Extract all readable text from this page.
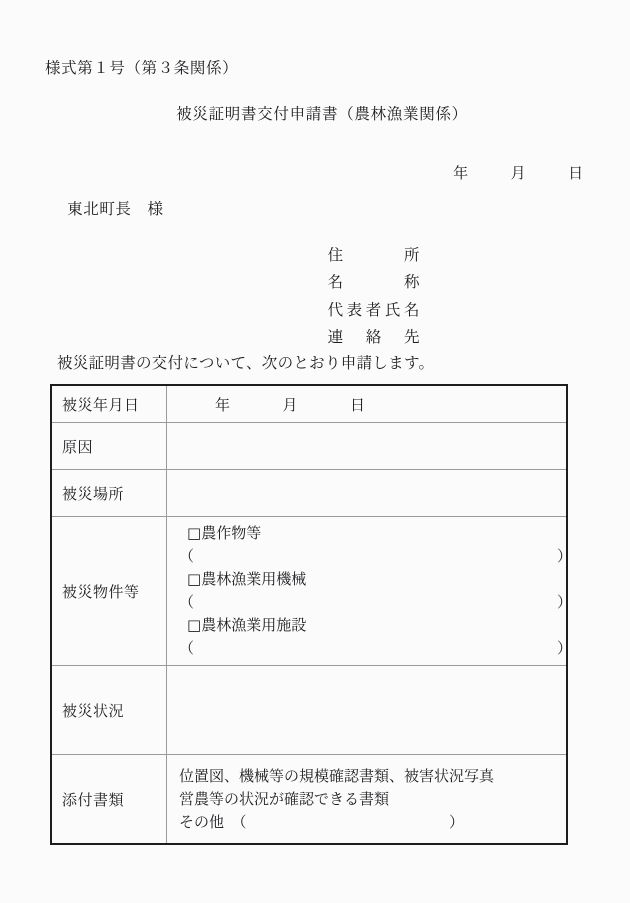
様式第１号（第３条関係）
被災証明書交付申請書（農林漁業関係）

年	月	日

東北町長 様

住所

名称

代表者氏名

連絡先

被災証明書の交付について、次のとおり申請します。
被災年月日	年 月 日
原因	
被災場所	
被災物件等	
□農作物等
（	）
□農林漁業用機械
（	）
□農林漁業用施設
（	）

被災状況	
添付書類	位置図、機械等の規模確認書類、被害状況写真
営農等の状況が確認できる書類
その他　（ ）
